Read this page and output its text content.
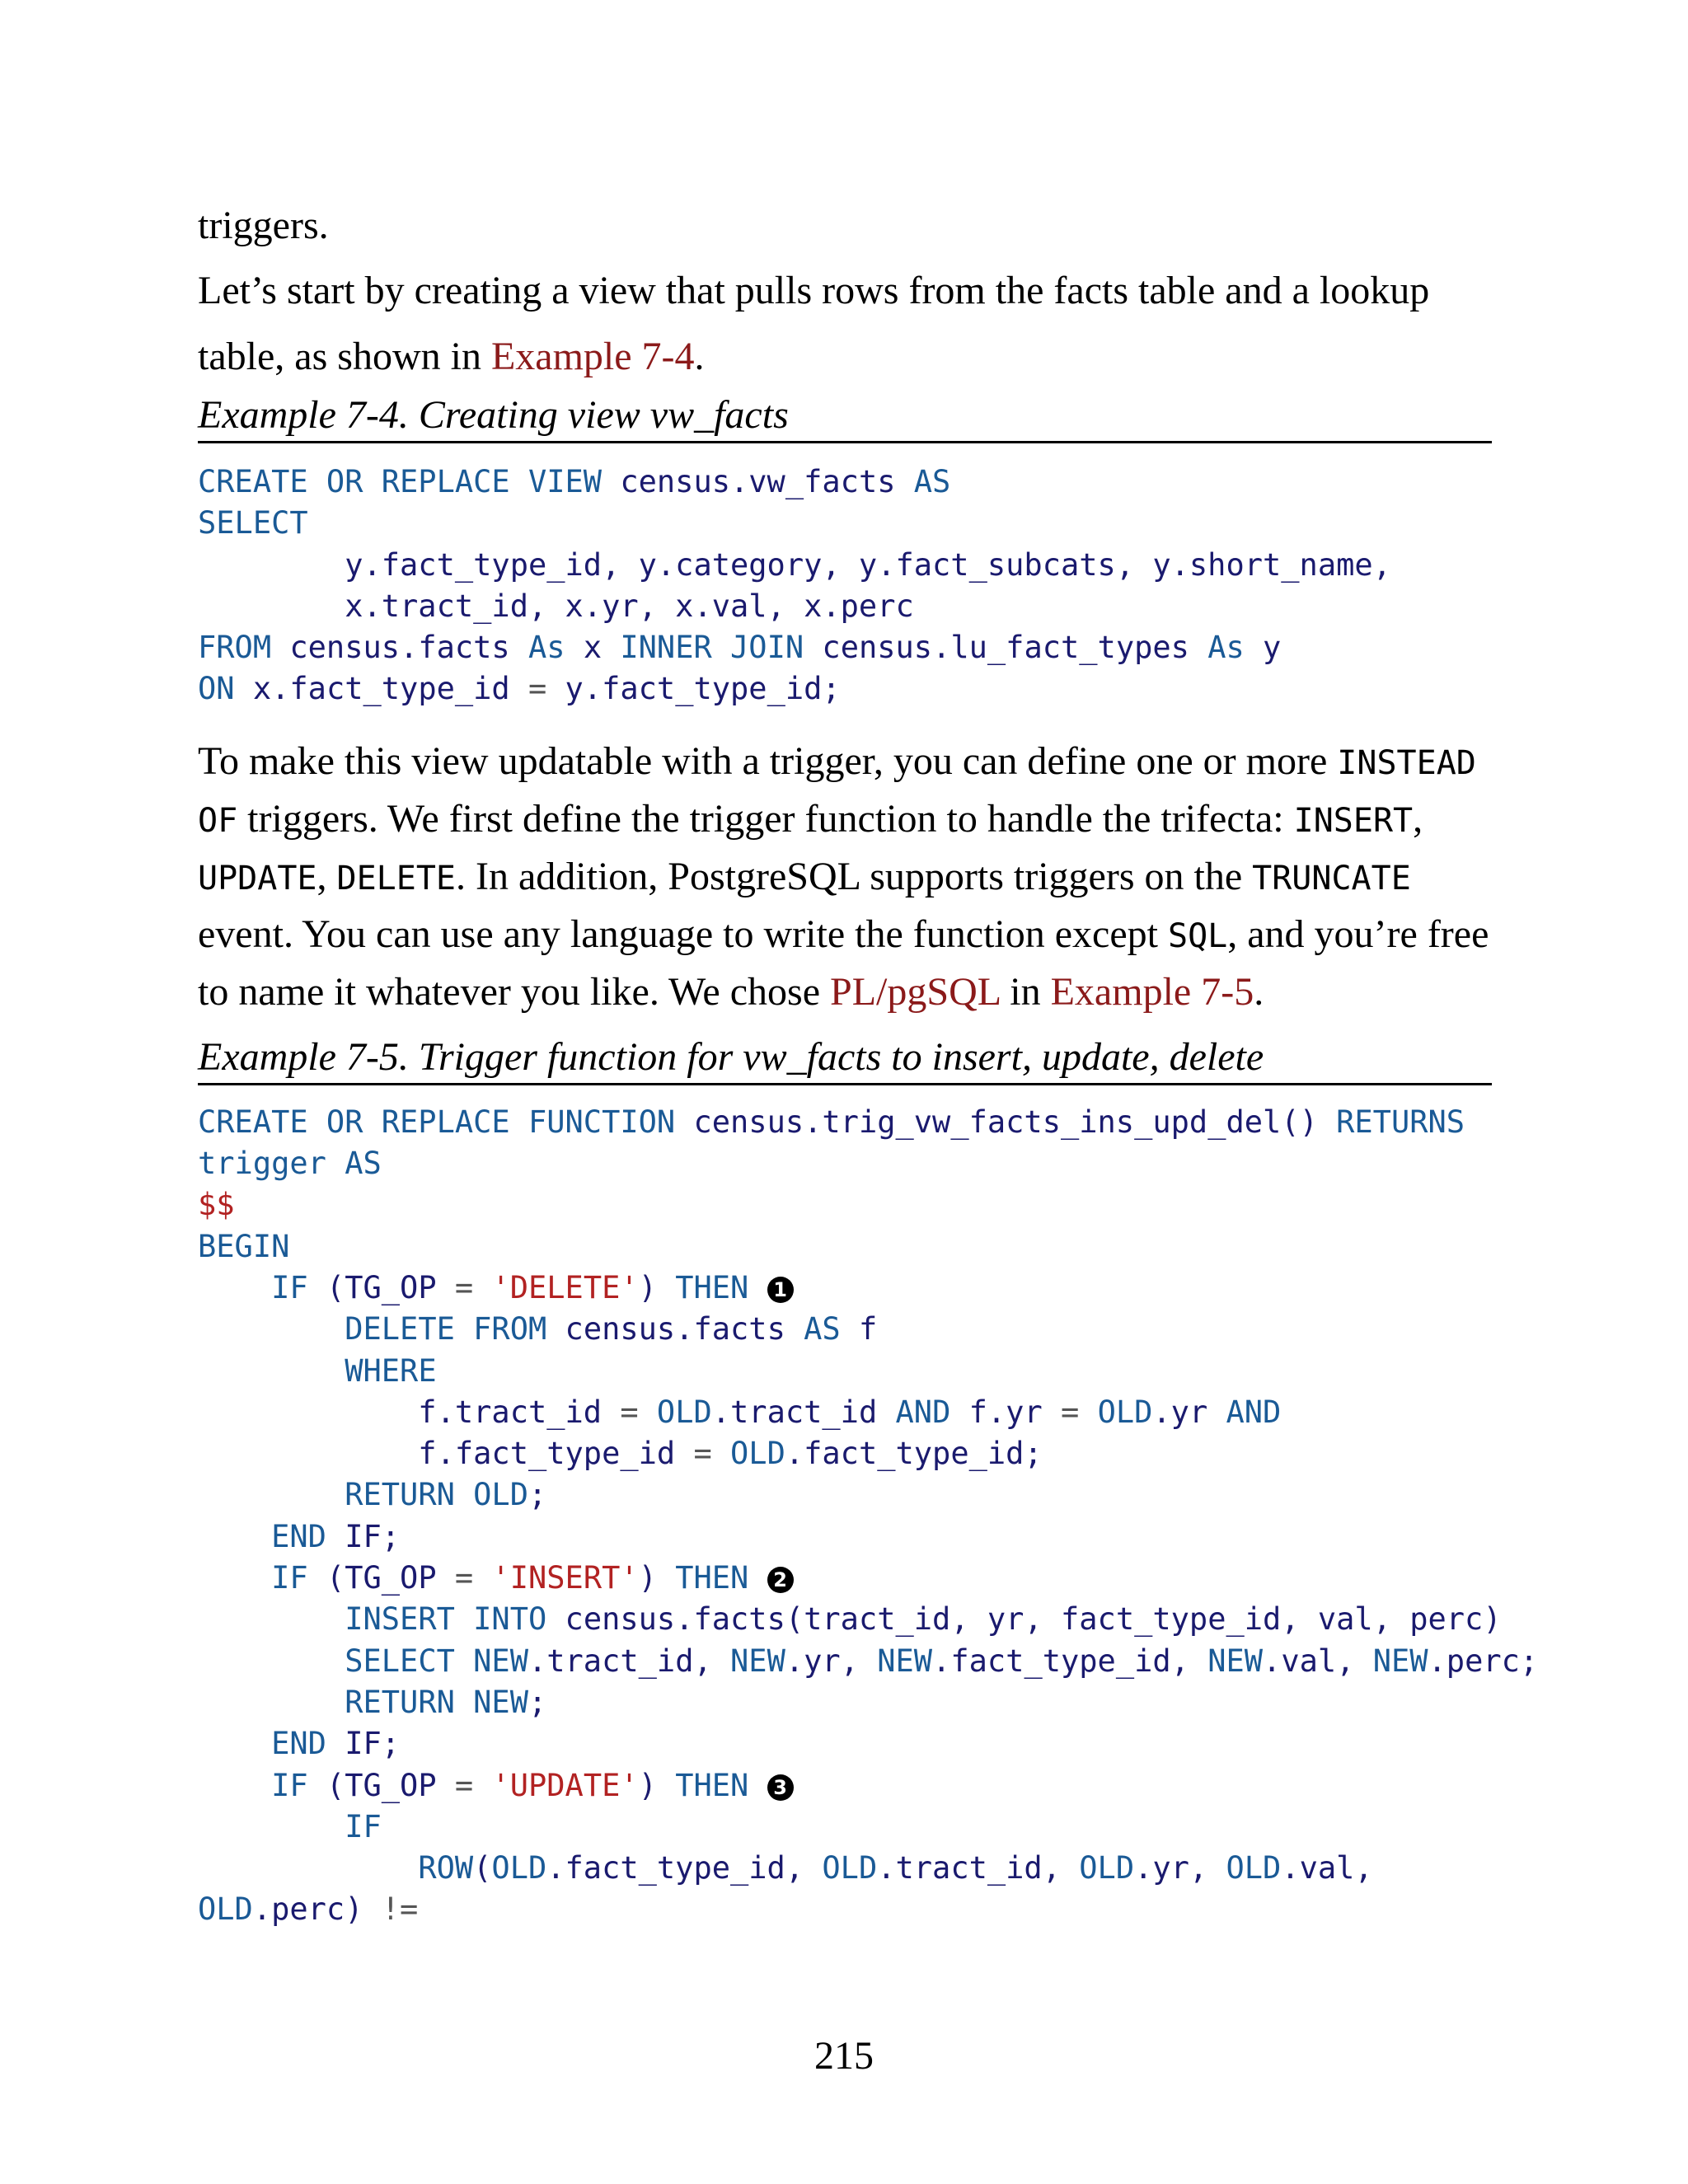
triggers.

Let’s start by creating a view that pulls rows from the facts table and a lookup table, as shown in Example 7-4.

Example 7-4. Creating view vw_facts

CREATE OR REPLACE VIEW census.vw_facts AS
SELECT
y.fact_type_id, y.category, y.fact_subcats, y.short_name,
x.tract_id, x.yr, x.val, x.perc
FROM census.facts As x INNER JOIN census.lu_fact_types As y
ON x.fact_type_id = y.fact_type_id;

To make this view updatable with a trigger, you can define one or more INSTEAD OF triggers. We first define the trigger function to handle the trifecta: INSERT, UPDATE, DELETE. In addition, PostgreSQL supports triggers on the TRUNCATE event. You can use any language to write the function except SQL, and you’re free to name it whatever you like. We chose PL/pgSQL in Example 7-5.

Example 7-5. Trigger function for vw_facts to insert, update, delete

CREATE OR REPLACE FUNCTION census.trig_vw_facts_ins_upd_del() RETURNS
trigger AS
$$
BEGIN
IF (TG_OP = 'DELETE') THEN 1
DELETE FROM census.facts AS f
WHERE
f.tract_id = OLD.tract_id AND f.yr = OLD.yr AND
f.fact_type_id = OLD.fact_type_id;
RETURN OLD;
END IF;
IF (TG_OP = 'INSERT') THEN 2
INSERT INTO census.facts(tract_id, yr, fact_type_id, val, perc)
SELECT NEW.tract_id, NEW.yr, NEW.fact_type_id, NEW.val, NEW.perc;
RETURN NEW;
END IF;
IF (TG_OP = 'UPDATE') THEN 3
IF
ROW(OLD.fact_type_id, OLD.tract_id, OLD.yr, OLD.val,
OLD.perc) !=
215
